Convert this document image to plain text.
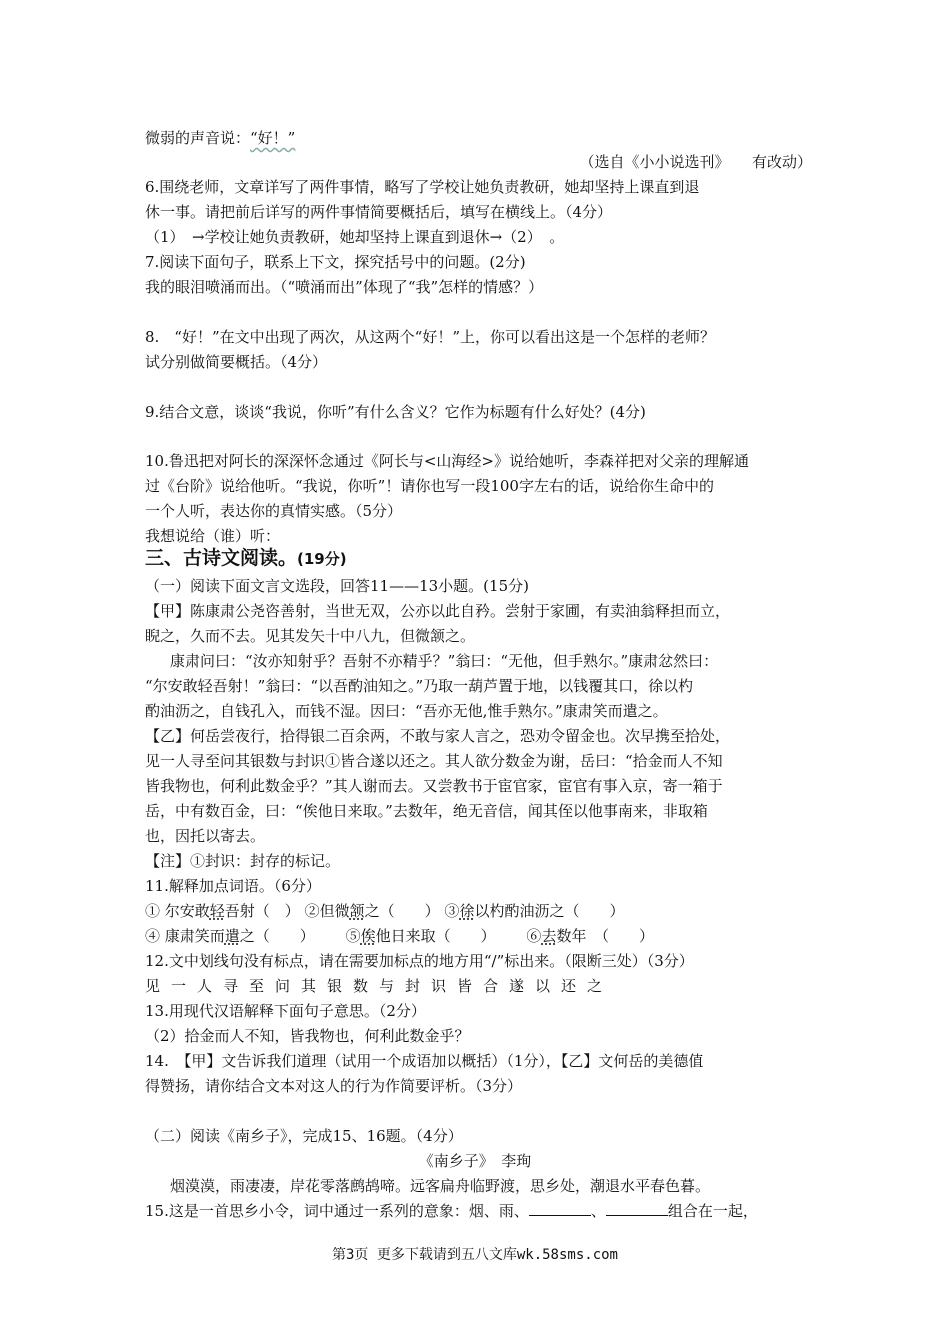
微弱的声音说：“好！”
（选自《小小说选刊》　　有改动）
6.围绕老师，文章详写了两件事情，略写了学校让她负责教研，她却坚持上课直到退
休一事。请把前后详写的两件事情简要概括后，填写在横线上。（4分）
（1）　→学校让她负责教研，她却坚持上课直到退休→（2）　。
7.阅读下面句子，联系上下文，探究括号中的问题。(2分)
我的眼泪喷涌而出。（“喷涌而出”体现了“我”怎样的情感？）
8.　“好！”在文中出现了两次，从这两个“好！”上，你可以看出这是一个怎样的老师？
试分别做简要概括。（4分）
9.结合文意，谈谈“我说，你听”有什么含义？它作为标题有什么好处？(4分)
10.鲁迅把对阿长的深深怀念通过《阿长与<山海经>》说给她听，李森祥把对父亲的理解通
过《台阶》说给他听。“我说，你听”！请你也写一段100字左右的话，说给你生命中的
一个人听，表达你的真情实感。（5分）
我想说给（谁）听：
三、古诗文阅读。(19分)
（一）阅读下面文言文选段，回答11——13小题。(15分)
【甲】陈康肃公尧咨善射，当世无双，公亦以此自矜。尝射于家圃，有卖油翁释担而立，
睨之，久而不去。见其发矢十中八九，但微颔之。
康肃问曰：“汝亦知射乎？吾射不亦精乎？”翁曰：“无他，但手熟尔。”康肃忿然曰：
“尔安敢轻吾射！”翁曰：“以吾酌油知之。”乃取一葫芦置于地，以钱覆其口，徐以杓
酌油沥之，自钱孔入，而钱不湿。因曰：“吾亦无他,惟手熟尔。”康肃笑而遣之。
【乙】何岳尝夜行，拾得银二百余两，不敢与家人言之，恐劝令留金也。次早携至拾处，
见一人寻至问其银数与封识①皆合遂以还之。其人欲分数金为谢，岳曰：“拾金而人不知
皆我物也，何利此数金乎？”其人谢而去。又尝教书于宦官家，宦官有事入京，寄一箱于
岳，中有数百金，曰：“俟他日来取。”去数年，绝无音信，闻其侄以他事南来，非取箱
也，因托以寄去。
【注】①封识：封存的标记。
11.解释加点词语。（6分）
① 尔安敢轻吾射（　） ②但微颔之（　　） ③徐以杓酌油沥之（　　）
④ 康肃笑而遣之（　　） ⑤俟他日来取（　　） ⑥去数年　（　　）
12.文中划线句没有标点，请在需要加标点的地方用“/”标出来。（限断三处）（3分）
见一人寻至问其银数与封识皆合遂以还之
13.用现代汉语解释下面句子意思。（2分）
（2）拾金而人不知，皆我物也，何利此数金乎？
14.　【甲】文告诉我们道理（试用一个成语加以概括）（1分），【乙】文何岳的美德值
得赞扬，请你结合文本对这人的行为作简要评析。（3分）
（二）阅读《南乡子》，完成15、16题。（4分）
《南乡子》　李珣
烟漠漠，雨凄凄，岸花零落鹧鸪啼。远客扁舟临野渡，思乡处，潮退水平春色暮。
15.这是一首思乡小令，词中通过一系列的意象：烟、雨、	、	组合在一起，
第3页 更多下载请到五八文库wk.58sms.com
